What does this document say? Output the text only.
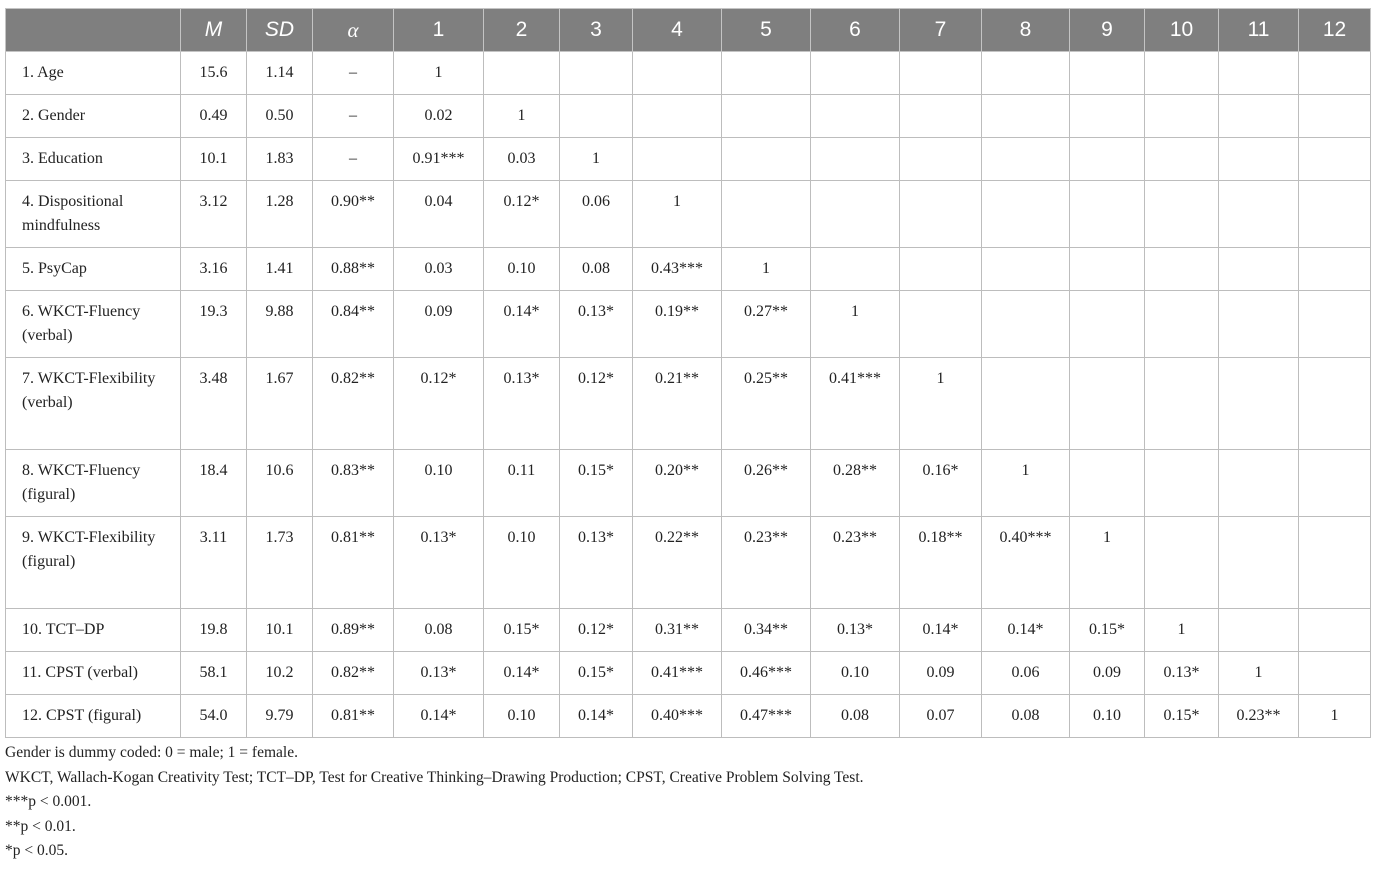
	M	SD	α	1	2	3	4	5	6	7	8	9	10	11	12
1. Age	15.6	1.14	–	1											
2. Gender	0.49	0.50	–	0.02	1										
3. Education	10.1	1.83	–	0.91***	0.03	1									
4. Dispositional mindfulness	3.12	1.28	0.90**	0.04	0.12*	0.06	1								
5. PsyCap	3.16	1.41	0.88**	0.03	0.10	0.08	0.43***	1							
6. WKCT-Fluency (verbal)	19.3	9.88	0.84**	0.09	0.14*	0.13*	0.19**	0.27**	1						
7. WKCT-Flexibility (verbal)	3.48	1.67	0.82**	0.12*	0.13*	0.12*	0.21**	0.25**	0.41***	1					
8. WKCT-Fluency (figural)	18.4	10.6	0.83**	0.10	0.11	0.15*	0.20**	0.26**	0.28**	0.16*	1				
9. WKCT-Flexibility (figural)	3.11	1.73	0.81**	0.13*	0.10	0.13*	0.22**	0.23**	0.23**	0.18**	0.40***	1			
10. TCT–DP	19.8	10.1	0.89**	0.08	0.15*	0.12*	0.31**	0.34**	0.13*	0.14*	0.14*	0.15*	1		
11. CPST (verbal)	58.1	10.2	0.82**	0.13*	0.14*	0.15*	0.41***	0.46***	0.10	0.09	0.06	0.09	0.13*	1	
12. CPST (figural)	54.0	9.79	0.81**	0.14*	0.10	0.14*	0.40***	0.47***	0.08	0.07	0.08	0.10	0.15*	0.23**	1
Gender is dummy coded: 0 = male; 1 = female.
WKCT, Wallach-Kogan Creativity Test; TCT–DP, Test for Creative Thinking–Drawing Production; CPST, Creative Problem Solving Test.
***p < 0.001.
**p < 0.01.
*p < 0.05.
